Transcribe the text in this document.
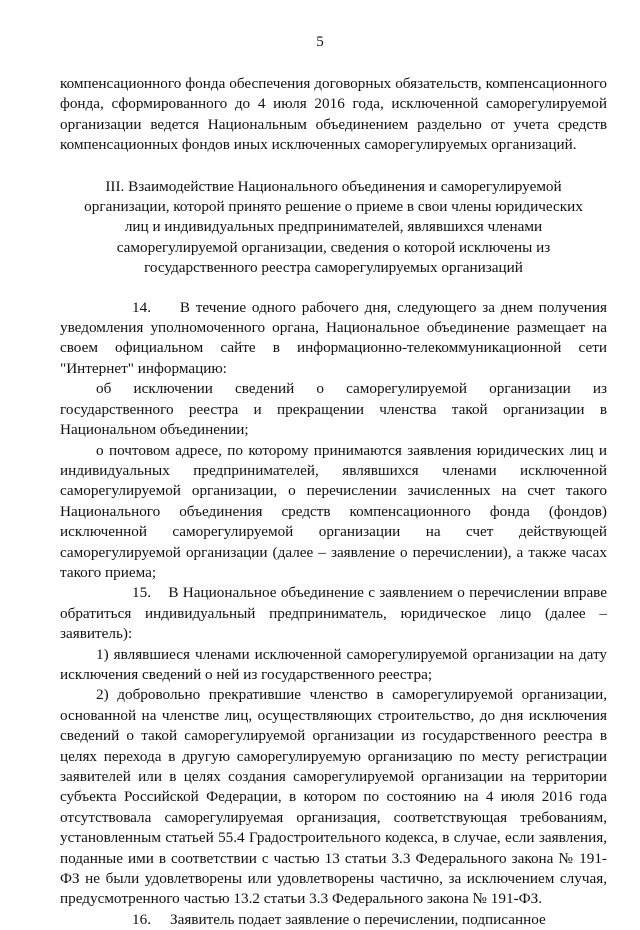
5

компенсационного фонда обеспечения договорных обязательств, компенсационного фонда, сформированного до 4 июля 2016 года, исключенной саморегулируемой организации ведется Национальным объединением раздельно от учета средств компенсационных фондов иных исключенных саморегулируемых организаций.

III. Взаимодействие Национального объединения и саморегулируемой организации, которой принято решение о приеме в свои члены юридических лиц и индивидуальных предпринимателей, являвшихся членами саморегулируемой организации, сведения о которой исключены из государственного реестра саморегулируемых организаций

14. В течение одного рабочего дня, следующего за днем получения уведомления уполномоченного органа, Национальное объединение размещает на своем официальном сайте в информационно-телекоммуникационной сети "Интернет" информацию:

об исключении сведений о саморегулируемой организации из государственного реестра и прекращении членства такой организации в Национальном объединении;

о почтовом адресе, по которому принимаются заявления юридических лиц и индивидуальных предпринимателей, являвшихся членами исключенной саморегулируемой организации, о перечислении зачисленных на счет такого Национального объединения средств компенсационного фонда (фондов) исключенной саморегулируемой организации на счет действующей саморегулируемой организации (далее – заявление о перечислении), а также часах такого приема;

15. В Национальное объединение с заявлением о перечислении вправе обратиться индивидуальный предприниматель, юридическое лицо (далее – заявитель):

1) являвшиеся членами исключенной саморегулируемой организации на дату исключения сведений о ней из государственного реестра;

2) добровольно прекратившие членство в саморегулируемой организации, основанной на членстве лиц, осуществляющих строительство, до дня исключения сведений о такой саморегулируемой организации из государственного реестра в целях перехода в другую саморегулируемую организацию по месту регистрации заявителей или в целях создания саморегулируемой организации на территории субъекта Российской Федерации, в котором по состоянию на 4 июля 2016 года отсутствовала саморегулируемая организация, соответствующая требованиям, установленным статьей 55.4 Градостроительного кодекса, в случае, если заявления, поданные ими в соответствии с частью 13 статьи 3.3 Федерального закона № 191-ФЗ не были удовлетворены или удовлетворены частично, за исключением случая, предусмотренного частью 13.2 статьи 3.3 Федерального закона № 191-ФЗ.

16. Заявитель подает заявление о перечислении, подписанное
